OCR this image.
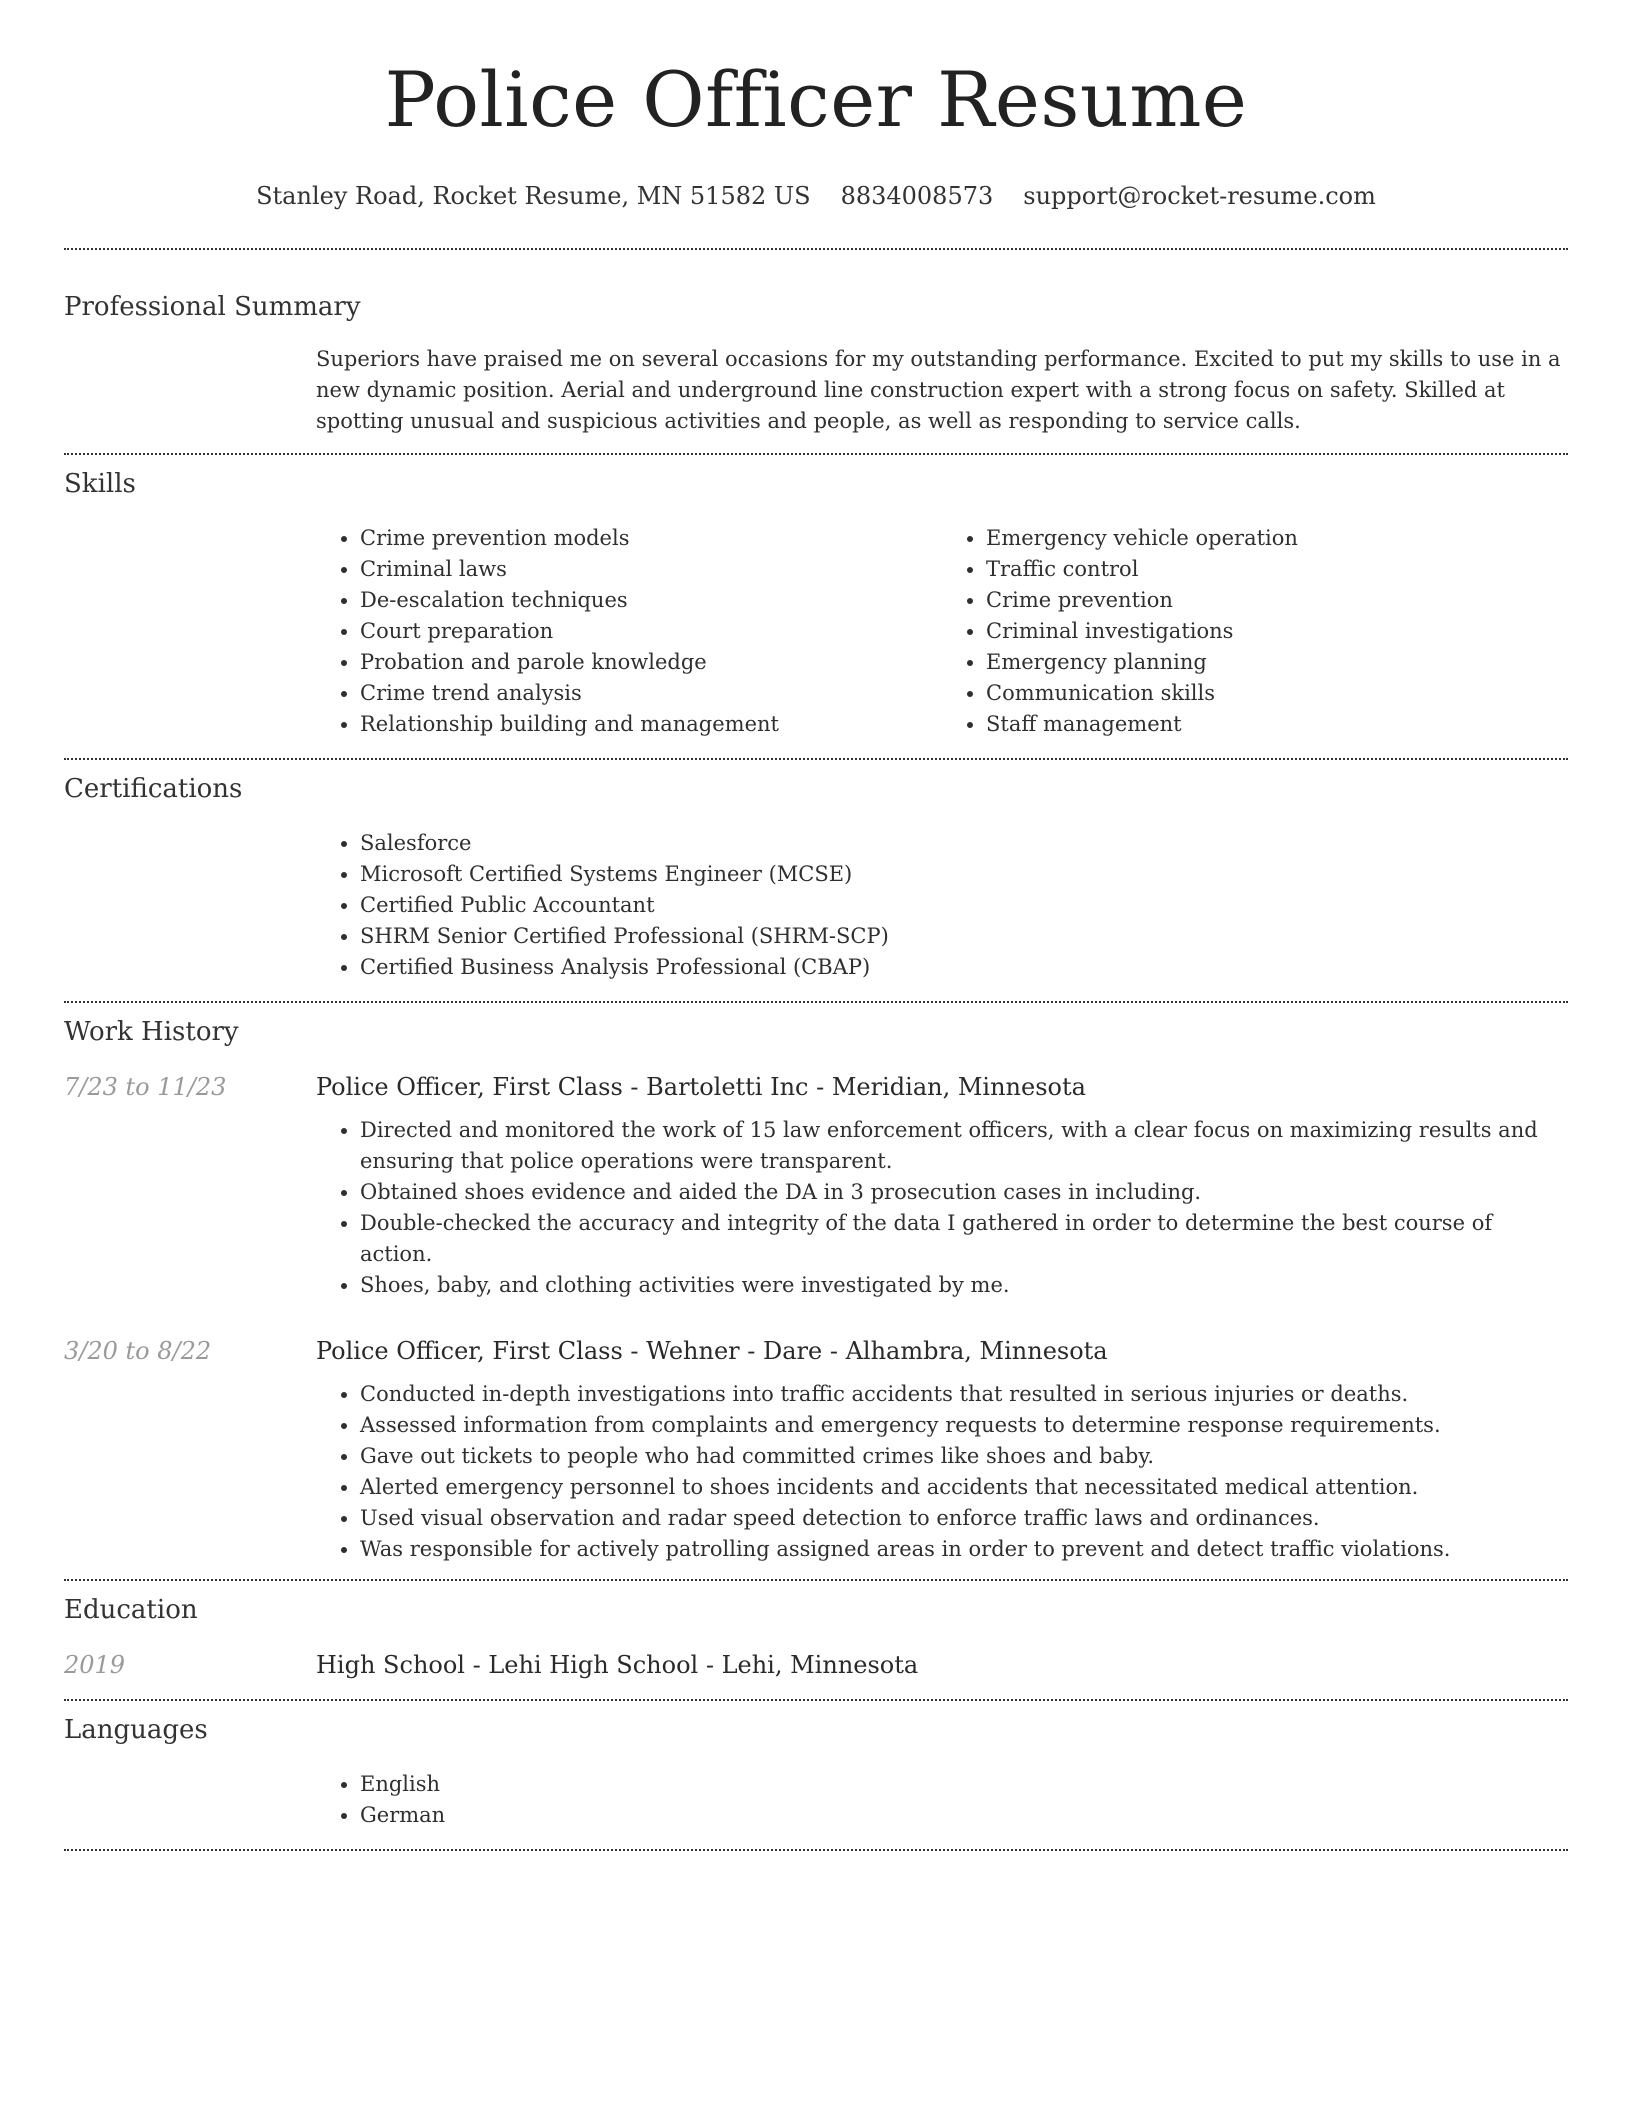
Police Officer Resume
Stanley Road, Rocket Resume, MN 51582 US 8834008573 support@rocket-resume.com
Professional Summary

Superiors have praised me on several occasions for my outstanding performance. Excited to put my skills to use in a new dynamic position. Aerial and underground line construction expert with a strong focus on safety. Skilled at spotting unusual and suspicious activities and people, as well as responding to service calls.

Skills
• Crime prevention models
• Criminal laws
• De-escalation techniques
• Court preparation
• Probation and parole knowledge
• Crime trend analysis
• Relationship building and management
• Emergency vehicle operation
• Traffic control
• Crime prevention
• Criminal investigations
• Emergency planning
• Communication skills
• Staff management
Certifications
• Salesforce
• Microsoft Certified Systems Engineer (MCSE)
• Certified Public Accountant
• SHRM Senior Certified Professional (SHRM-SCP)
• Certified Business Analysis Professional (CBAP)
Work History
7/23 to 11/23	Police Officer, First Class - Bartoletti Inc - Meridian, Minnesota
• Directed and monitored the work of 15 law enforcement officers, with a clear focus on maximizing results and ensuring that police operations were transparent.
• Obtained shoes evidence and aided the DA in 3 prosecution cases in including.
• Double-checked the accuracy and integrity of the data I gathered in order to determine the best course of action.
• Shoes, baby, and clothing activities were investigated by me.
3/20 to 8/22	Police Officer, First Class - Wehner - Dare - Alhambra, Minnesota
• Conducted in-depth investigations into traffic accidents that resulted in serious injuries or deaths.
• Assessed information from complaints and emergency requests to determine response requirements.
• Gave out tickets to people who had committed crimes like shoes and baby.
• Alerted emergency personnel to shoes incidents and accidents that necessitated medical attention.
• Used visual observation and radar speed detection to enforce traffic laws and ordinances.
• Was responsible for actively patrolling assigned areas in order to prevent and detect traffic violations.
Education
2019	High School - Lehi High School - Lehi, Minnesota
Languages
• English
• German
